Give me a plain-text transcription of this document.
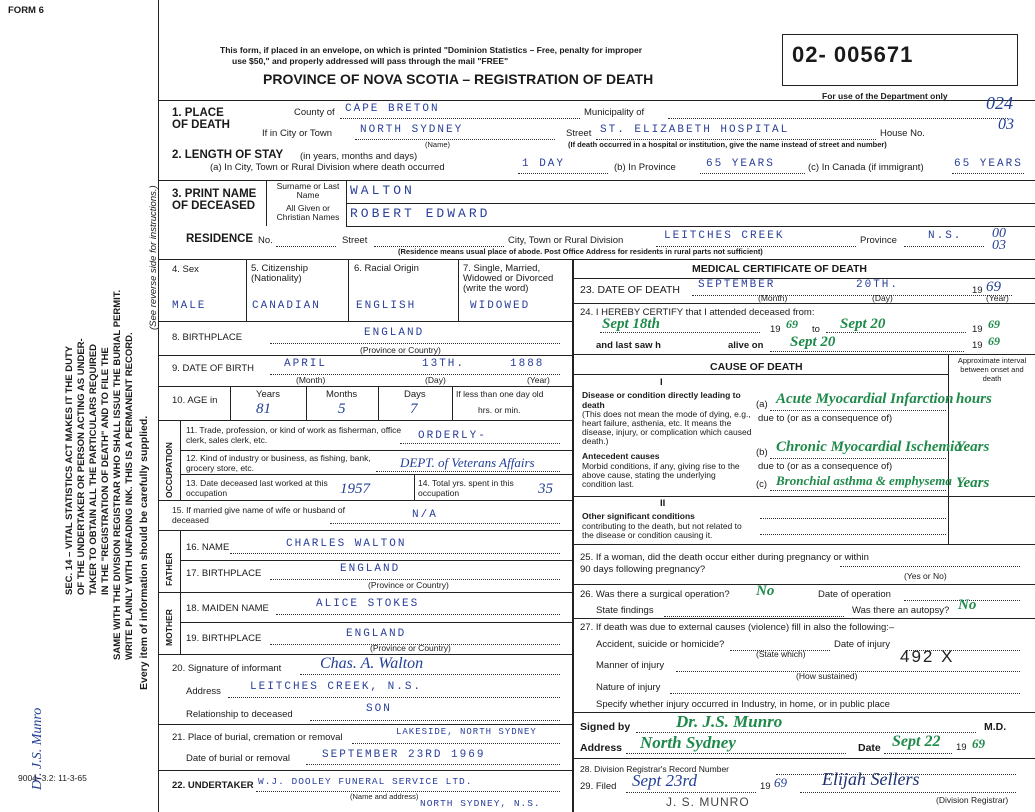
FORM 6
SEC. 14 – VITAL STATISTICS ACT MAKES IT THE DUTY OF THE UNDERTAKER OR PERSON ACTING AS UNDER- TAKER TO OBTAIN ALL THE PARTICULARS REQUIRED IN THE "REGISTRATION OF DEATH" AND TO FILE THE SAME WITH THE DIVISION REGISTRAR WHO SHALL ISSUE THE BURIAL PERMIT. WRITE PLAINLY WITH UNFADING INK. THIS IS A PERMANENT RECORD. Every item of information should be carefully supplied.
(See reverse side for instructions.)
Dr. J.S. Munro
9004–3.2: 11-3-65
This form, if placed in an envelope, on which is printed "Dominion Statistics – Free, penalty for improper
use $50," and properly addressed will pass through the mail "FREE"
PROVINCE OF NOVA SCOTIA – REGISTRATION OF DEATH
02- 005671
For use of the Department only
1. PLACE OF DEATH
County of CAPE BRETON	Municipality of	024
If in City or Town	NORTH SYDNEY
(Name)
Street ST. ELIZABETH HOSPITAL	House No.
03
(If death occurred in a hospital or institution, give the name instead of street and number)
2. LENGTH OF STAY (in years, months and days)
(a) In City, Town or Rural Division where death occurred	1 DAY	(b) In Province	65 YEARS	(c) In Canada (if immigrant)	65 YEARS
3. PRINT NAME OF DECEASED
Surname or Last Name
All Given or Christian Names
WALTON
ROBERT EDWARD
RESIDENCE No.	Street	City, Town or Rural Division	LEITCHES CREEK	Province	N.S. 00 03
(Residence means usual place of abode. Post Office Address for residents in rural parts not sufficient)
4. Sex	5. Citizenship (Nationality)
6. Racial Origin	7. Single, Married, Widowed or Divorced (write the word)
MALE	CANADIAN	ENGLISH	WIDOWED
8. BIRTHPLACE	ENGLAND
(Province or Country)
9. DATE OF BIRTH	APRIL	13TH.	1888
(Month)	(Day)	(Year)
10. AGE in
Years	Months	Days	If less than one day old
81	5	7	hrs. or min.
OCCUPATION
11. Trade, profession, or kind of work as fisherman, office clerk, sales clerk, etc.	ORDERLY-
12. Kind of industry or business, as fishing, bank, grocery store, etc.	DEPT. of Veterans Affairs
13. Date deceased last worked at this occupation	1957	14. Total yrs. spent in this occupation	35
15. If married give name of wife or husband of deceased	N/A
FATHER
16. NAME	CHARLES WALTON
17. BIRTHPLACE	ENGLAND
(Province or Country)
MOTHER
18. MAIDEN NAME	ALICE STOKES
19. BIRTHPLACE	ENGLAND
(Province or Country)
20. Signature of informant Chas. A. Walton
Address	LEITCHES CREEK, N.S.
Relationship to deceased	SON
21. Place of burial, cremation or removal	LAKESIDE, NORTH SYDNEY
Date of burial or removal	SEPTEMBER 23RD 1969
22. UNDERTAKER W.J. DOOLEY FUNERAL SERVICE LTD.
(Name and address)
NORTH SYDNEY, N.S.
MEDICAL CERTIFICATE OF DEATH
23. DATE OF DEATH SEPTEMBER	20TH.	19 69
(Month)	(Day)	(Year)
24. I HEREBY CERTIFY that I attended deceased from:
Sept 18th	19 69 to Sept 20	19 69
and last saw h	alive on Sept 20	19 69
CAUSE OF DEATH
Approximate interval between onset and death
I
Disease or condition directly leading to death
(This does not mean the mode of dying, e.g., heart failure, asthenia, etc. It means the disease, injury, or complication which caused death.)
(a) Acute Myocardial Infarction hours
due to (or as a consequence of)
Antecedent causes
Morbid conditions, if any, giving rise to the above cause, stating the underlying condition last.
(b) Chronic Myocardial Ischemia
Years
due to (or as a consequence of)
(c) Bronchial asthma & emphysema Years
II
Other significant conditions
contributing to the death, but not related to the disease or condition causing it.
25. If a woman, did the death occur either during pregnancy or within 90 days following pregnancy?
(Yes or No)
26. Was there a surgical operation? No	Date of operation
State findings	Was there an autopsy? No
27. If death was due to external causes (violence) fill in also the following:–
Accident, suicide or homicide?
(State which)
Date of injury
Manner of injury	492 X
(How sustained)
Nature of injury
Specify whether injury occurred in Industry, in home, or in public place
Signed by	Dr. J.S. Munro	M.D.
Address North Sydney	Date Sept 22 19 69
28. Division Registrar's Record Number
29. Filed Sept 23rd	19 69 Elijah Sellers
(Division Registrar)
J. S. MUNRO
